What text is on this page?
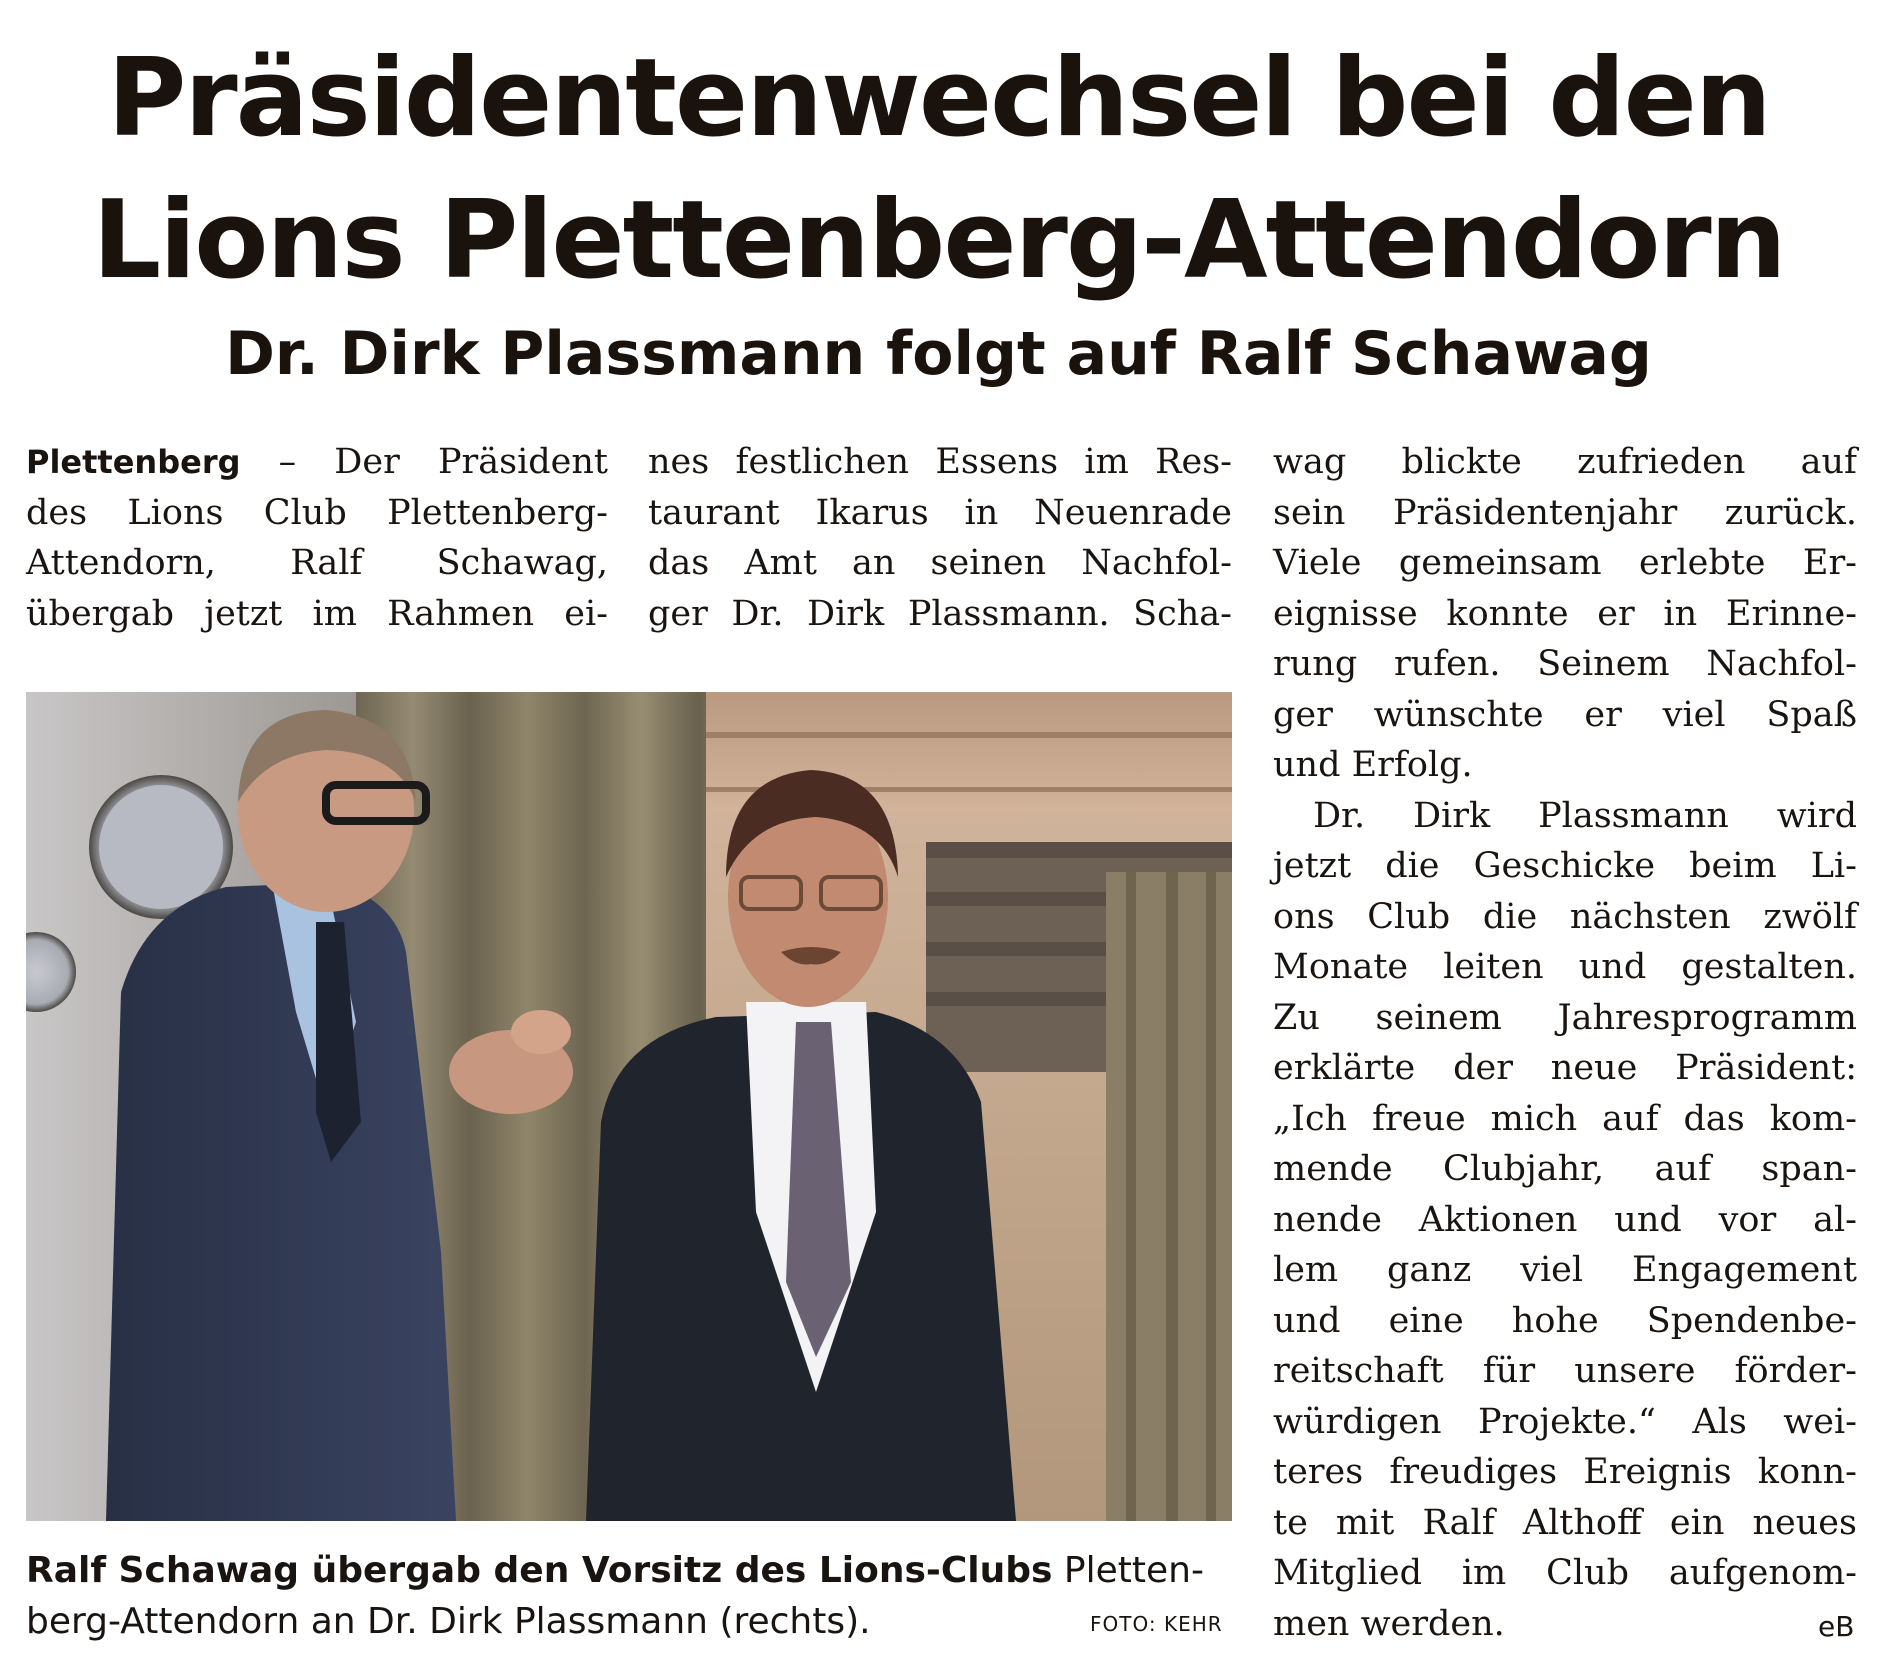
Präsidentenwechsel bei den
Lions Plettenberg-Attendorn
Dr. Dirk Plassmann folgt auf Ralf Schawag
Plettenberg – Der Präsident
des Lions Club Plettenberg-
Attendorn, Ralf Schawag,
übergab jetzt im Rahmen ei-
nes festlichen Essens im Res-
taurant Ikarus in Neuenrade
das Amt an seinen Nachfol-
ger Dr. Dirk Plassmann. Scha-
wag blickte zufrieden auf
sein Präsidentenjahr zurück.
Viele gemeinsam erlebte Er-
eignisse konnte er in Erinne-
rung rufen. Seinem Nachfol-
ger wünschte er viel Spaß
und Erfolg.
Dr. Dirk Plassmann wird
jetzt die Geschicke beim Li-
ons Club die nächsten zwölf
Monate leiten und gestalten.
Zu seinem Jahresprogramm
erklärte der neue Präsident:
„Ich freue mich auf das kom-
mende Clubjahr, auf span-
nende Aktionen und vor al-
lem ganz viel Engagement
und eine hohe Spendenbe-
reitschaft für unsere förder-
würdigen Projekte.“ Als wei-
teres freudiges Ereignis konn-
te mit Ralf Althoff ein neues
Mitglied im Club aufgenom-
men werden.
Ralf Schawag übergab den Vorsitz des Lions-Clubs Pletten-
berg-Attendorn an Dr. Dirk Plassmann (rechts).	FOTO: KEHR	eB
